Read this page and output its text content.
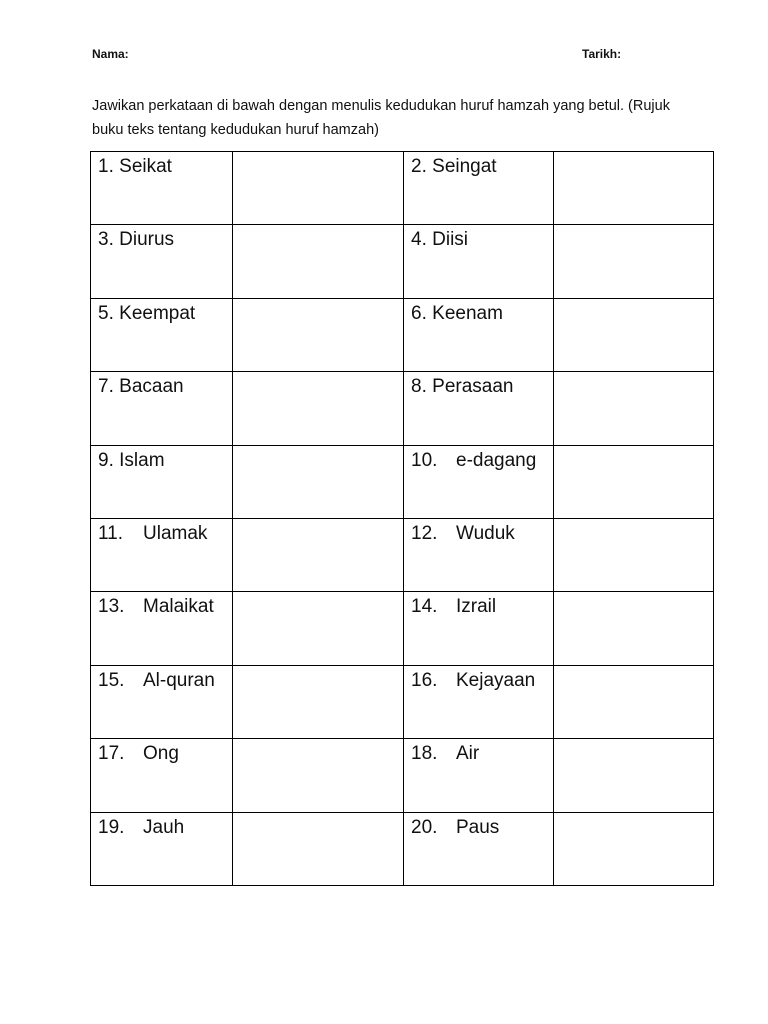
Nama:	Tarikh:

Jawikan perkataan di bawah dengan menulis kedudukan huruf hamzah yang betul. (Rujuk buku teks tentang kedudukan huruf hamzah)

1. Seikat		2. Seingat	
3. Diurus		4. Diisi	
5. Keempat		6. Keenam	
7. Bacaan		8. Perasaan	
9. Islam		10. e-dagang	
11. Ulamak		12. Wuduk	
13. Malaikat		14. Izrail	
15. Al-quran		16. Kejayaan	
17. Ong		18. Air	
19. Jauh		20. Paus	
